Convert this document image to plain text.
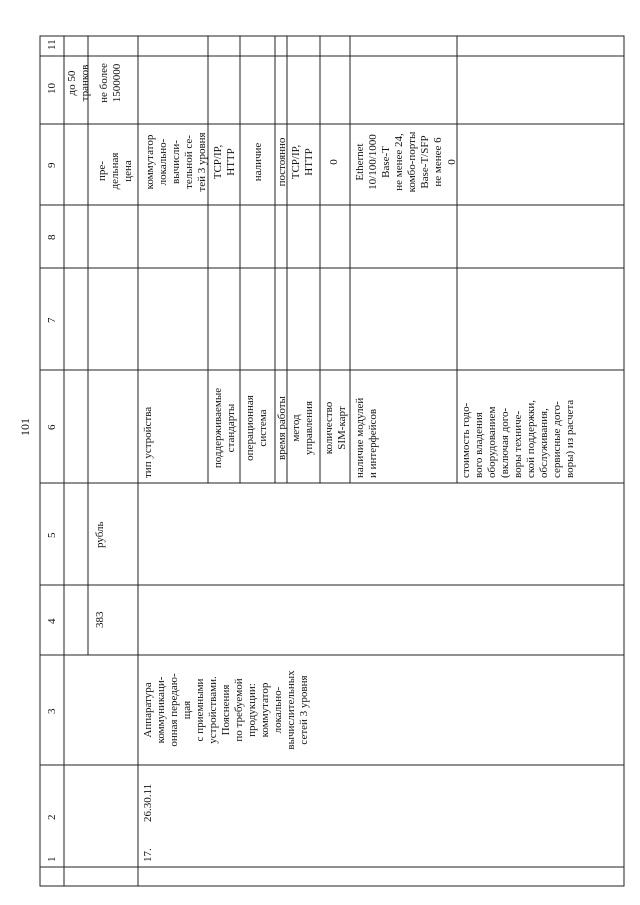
101
1
2
3
4
5
6
7
8
9
10
11
17.
26.30.11
Аппаратура коммуникаци- онная передаю- щая с приемными устройствами. Пояснения по требуемой продукции: коммутатор локально- вычислительных сетей 3 уровня
383
рубль
пре- дельная цена
до 50 транков не более 1500000
тип устройства	поддерживаемые стандарты операционная система время работы метод управления количество SIM-карт наличие модулей и интерфейсов	стоимость годо- вого владения оборудованием (включая дого- воры техниче- ской поддержки, обслуживания, сервисные дого- воры) из расчета
коммутатор локально- вычисли- тельной се- тей 3 уровня TCP/IP, HTTP наличие постоянно TCP/IP, HTTP 0 Ethernet 10/100/1000 Base-T не менее 24, комбо-порты Base-T/SFP не менее 6 0
